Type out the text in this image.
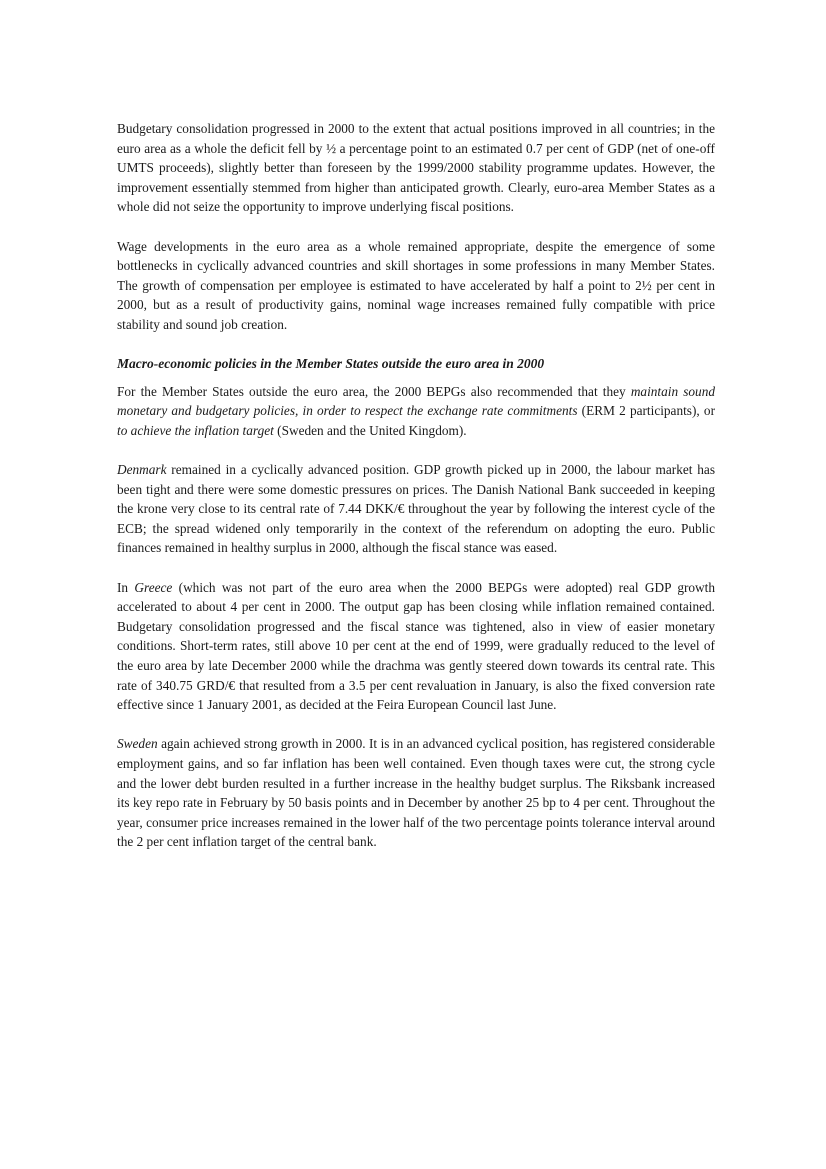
Budgetary consolidation progressed in 2000 to the extent that actual positions improved in all countries; in the euro area as a whole the deficit fell by ½ a percentage point to an estimated 0.7 per cent of GDP (net of one-off UMTS proceeds), slightly better than foreseen by the 1999/2000 stability programme updates. However, the improvement essentially stemmed from higher than anticipated growth. Clearly, euro-area Member States as a whole did not seize the opportunity to improve underlying fiscal positions.

Wage developments in the euro area as a whole remained appropriate, despite the emergence of some bottlenecks in cyclically advanced countries and skill shortages in some professions in many Member States. The growth of compensation per employee is estimated to have accelerated by half a point to 2½ per cent in 2000, but as a result of productivity gains, nominal wage increases remained fully compatible with price stability and sound job creation.

Macro-economic policies in the Member States outside the euro area in 2000

For the Member States outside the euro area, the 2000 BEPGs also recommended that they maintain sound monetary and budgetary policies, in order to respect the exchange rate commitments (ERM 2 participants), or to achieve the inflation target (Sweden and the United Kingdom).

Denmark remained in a cyclically advanced position. GDP growth picked up in 2000, the labour market has been tight and there were some domestic pressures on prices. The Danish National Bank succeeded in keeping the krone very close to its central rate of 7.44 DKK/€ throughout the year by following the interest cycle of the ECB; the spread widened only temporarily in the context of the referendum on adopting the euro. Public finances remained in healthy surplus in 2000, although the fiscal stance was eased.

In Greece (which was not part of the euro area when the 2000 BEPGs were adopted) real GDP growth accelerated to about 4 per cent in 2000. The output gap has been closing while inflation remained contained. Budgetary consolidation progressed and the fiscal stance was tightened, also in view of easier monetary conditions. Short-term rates, still above 10 per cent at the end of 1999, were gradually reduced to the level of the euro area by late December 2000 while the drachma was gently steered down towards its central rate. This rate of 340.75 GRD/€ that resulted from a 3.5 per cent revaluation in January, is also the fixed conversion rate effective since 1 January 2001, as decided at the Feira European Council last June.

Sweden again achieved strong growth in 2000. It is in an advanced cyclical position, has registered considerable employment gains, and so far inflation has been well contained. Even though taxes were cut, the strong cycle and the lower debt burden resulted in a further increase in the healthy budget surplus. The Riksbank increased its key repo rate in February by 50 basis points and in December by another 25 bp to 4 per cent. Throughout the year, consumer price increases remained in the lower half of the two percentage points tolerance interval around the 2 per cent inflation target of the central bank.
